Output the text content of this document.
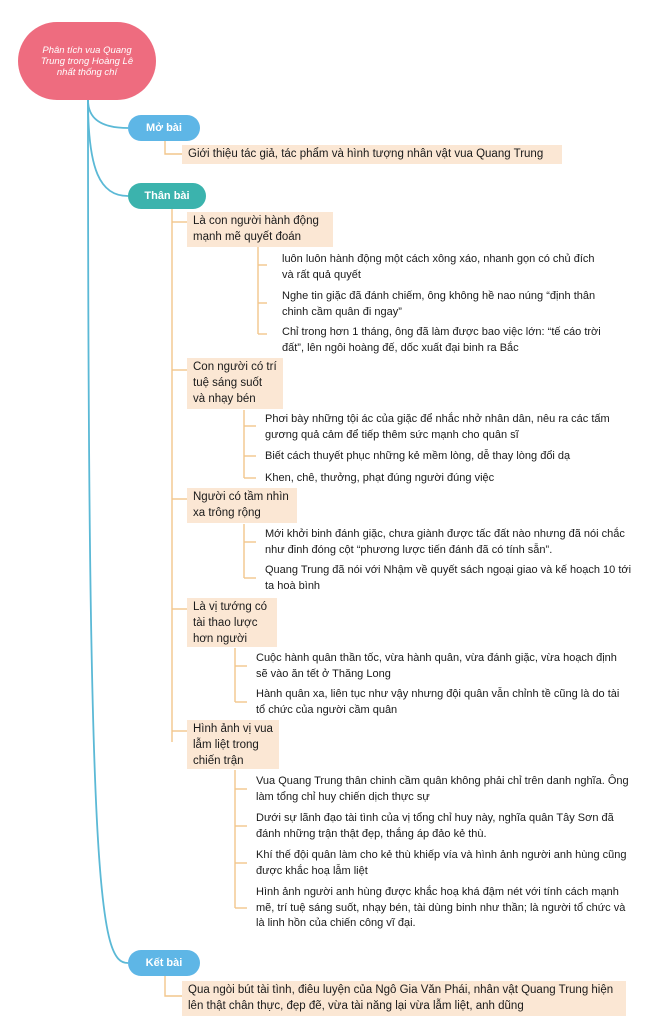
Phân tích vua Quang Trung trong Hoàng Lê nhất thống chí
Mở bài
Giới thiệu tác giả, tác phẩm và hình tượng nhân vật vua Quang Trung
Thân bài
Là con người hành động mạnh mẽ quyết đoán
luôn luôn hành động một cách xông xáo, nhanh gọn có chủ đích và rất quả quyết
Nghe tin giặc đã đánh chiếm, ông không hề nao núng “định thân chinh cầm quân đi ngay”
Chỉ trong hơn 1 tháng, ông đã làm được bao việc lớn: “tế cáo trời đất”, lên ngôi hoàng đế, dốc xuất đại binh ra Bắc
Con người có trí tuệ sáng suốt và nhạy bén
Phơi bày những tội ác của giặc để nhắc nhở nhân dân, nêu ra các tấm gương quả cảm để tiếp thêm sức mạnh cho quân sĩ
Biết cách thuyết phục những kẻ mềm lòng, dễ thay lòng đổi dạ
Khen, chê, thưởng, phạt đúng người đúng việc
Người có tầm nhìn xa trông rộng
Mới khởi binh đánh giặc, chưa giành được tấc đất nào nhưng đã nói chắc như đinh đóng cột “phương lược tiến đánh đã có tính sẵn”.
Quang Trung đã nói với Nhậm về quyết sách ngoại giao và kế hoạch 10 tới ta hoà bình
Là vị tướng có tài thao lược hơn người
Cuộc hành quân thần tốc, vừa hành quân, vừa đánh giặc, vừa hoạch định sẽ vào ăn tết ở Thăng Long
Hành quân xa, liên tục như vậy nhưng đội quân vẫn chỉnh tề cũng là do tài tổ chức của người cầm quân
Hình ảnh vị vua lẫm liệt trong chiến trận
Vua Quang Trung thân chinh cầm quân không phải chỉ trên danh nghĩa. Ông làm tổng chỉ huy chiến dịch thực sự
Dưới sự lãnh đạo tài tình của vị tổng chỉ huy này, nghĩa quân Tây Sơn đã đánh những trận thật đẹp, thắng áp đảo kẻ thù.
Khí thế đội quân làm cho kẻ thù khiếp vía và hình ảnh người anh hùng cũng được khắc hoạ lẫm liệt
Hình ảnh người anh hùng được khắc hoạ khá đậm nét với tính cách mạnh mẽ, trí tuệ sáng suốt, nhạy bén, tài dùng binh như thần; là người tổ chức và là linh hồn của chiến công vĩ đại.
Kết bài
Qua ngòi bút tài tình, điêu luyện của Ngô Gia Văn Phái, nhân vật Quang Trung hiện lên thật chân thực, đẹp đẽ, vừa tài năng lại vừa lẫm liệt, anh dũng
